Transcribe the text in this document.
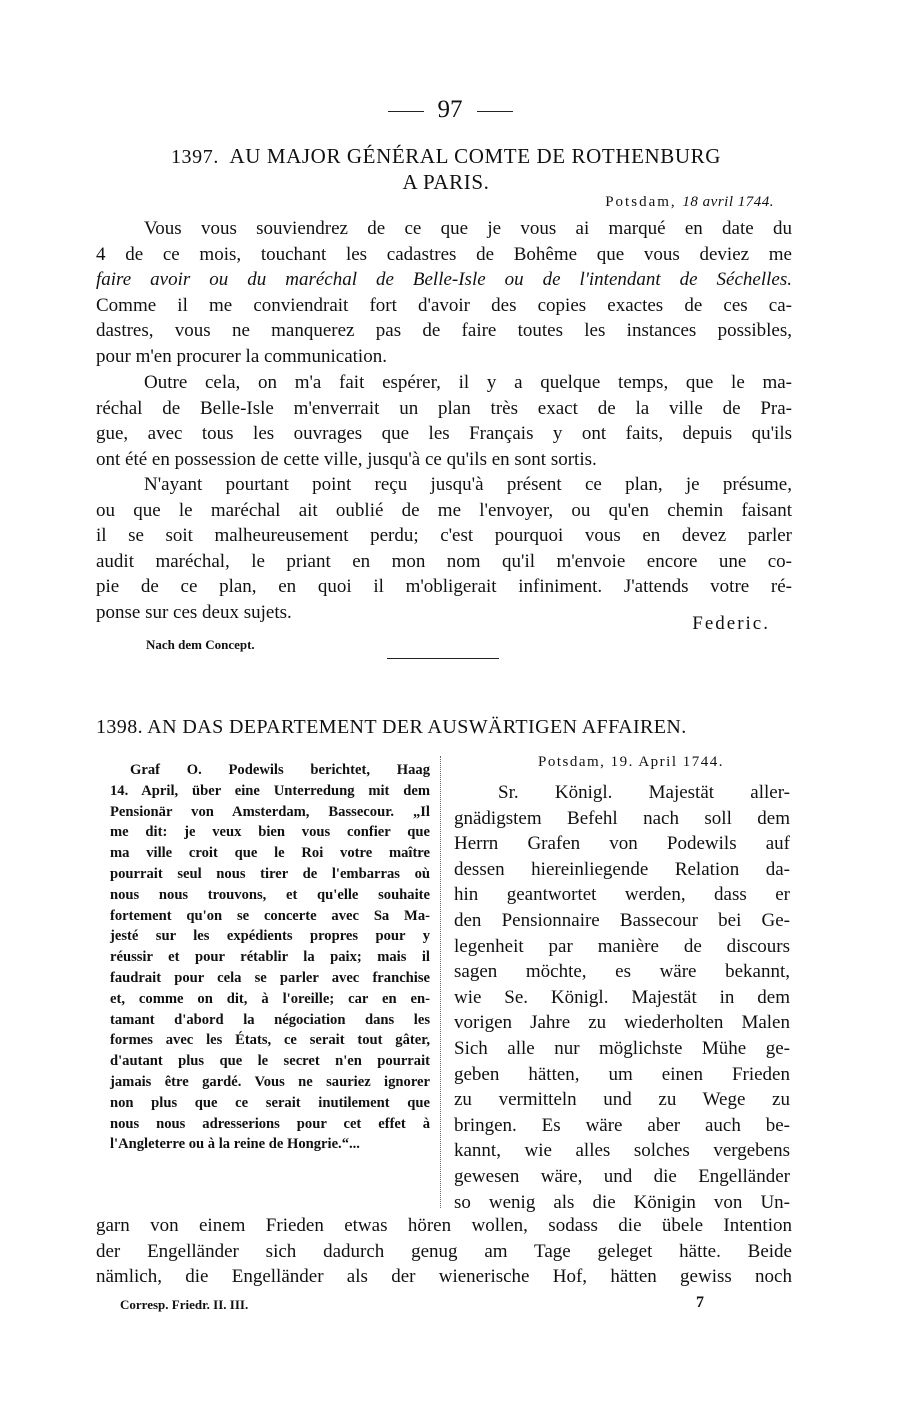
97
1397. AU MAJOR GÉNÉRAL COMTE DE ROTHENBURG
A PARIS.
Potsdam, 18 avril 1744.
Vous vous souviendrez de ce que je vous ai marqué en date du
4 de ce mois, touchant les cadastres de Bohême que vous deviez me
faire avoir ou du maréchal de Belle-Isle ou de l'intendant de Séchelles.
Comme il me conviendrait fort d'avoir des copies exactes de ces ca-
dastres, vous ne manquerez pas de faire toutes les instances possibles,
pour m'en procurer la communication.
Outre cela, on m'a fait espérer, il y a quelque temps, que le ma-
réchal de Belle-Isle m'enverrait un plan très exact de la ville de Pra-
gue, avec tous les ouvrages que les Français y ont faits, depuis qu'ils
ont été en possession de cette ville, jusqu'à ce qu'ils en sont sortis.
N'ayant pourtant point reçu jusqu'à présent ce plan, je présume,
ou que le maréchal ait oublié de me l'envoyer, ou qu'en chemin faisant
il se soit malheureusement perdu; c'est pourquoi vous en devez parler
audit maréchal, le priant en mon nom qu'il m'envoie encore une co-
pie de ce plan, en quoi il m'obligerait infiniment. J'attends votre ré-
ponse sur ces deux sujets.
Federic.
Nach dem Concept.
1398. AN DAS DEPARTEMENT DER AUSWÄRTIGEN AFFAIREN.
Graf O. Podewils berichtet, Haag
14. April, über eine Unterredung mit dem
Pensionär von Amsterdam, Bassecour. „Il
me dit: je veux bien vous confier que
ma ville croit que le Roi votre maître
pourrait seul nous tirer de l'embarras où
nous nous trouvons, et qu'elle souhaite
fortement qu'on se concerte avec Sa Ma-
jesté sur les expédients propres pour y
réussir et pour rétablir la paix; mais il
faudrait pour cela se parler avec franchise
et, comme on dit, à l'oreille; car en en-
tamant d'abord la négociation dans les
formes avec les États, ce serait tout gâter,
d'autant plus que le secret n'en pourrait
jamais être gardé. Vous ne sauriez ignorer
non plus que ce serait inutilement que
nous nous adresserions pour cet effet à
l'Angleterre ou à la reine de Hongrie.“...
Potsdam, 19. April 1744.
Sr. Königl. Majestät aller-
gnädigstem Befehl nach soll dem
Herrn Grafen von Podewils auf
dessen hiereinliegende Relation da-
hin geantwortet werden, dass er
den Pensionnaire Bassecour bei Ge-
legenheit par manière de discours
sagen möchte, es wäre bekannt,
wie Se. Königl. Majestät in dem
vorigen Jahre zu wiederholten Malen
Sich alle nur möglichste Mühe ge-
geben hätten, um einen Frieden
zu vermitteln und zu Wege zu
bringen. Es wäre aber auch be-
kannt, wie alles solches vergebens
gewesen wäre, und die Engelländer
so wenig als die Königin von Un-
garn von einem Frieden etwas hören wollen, sodass die übele Intention
der Engelländer sich dadurch genug am Tage geleget hätte. Beide
nämlich, die Engelländer als der wienerische Hof, hätten gewiss noch
Corresp. Friedr. II. III.	7
